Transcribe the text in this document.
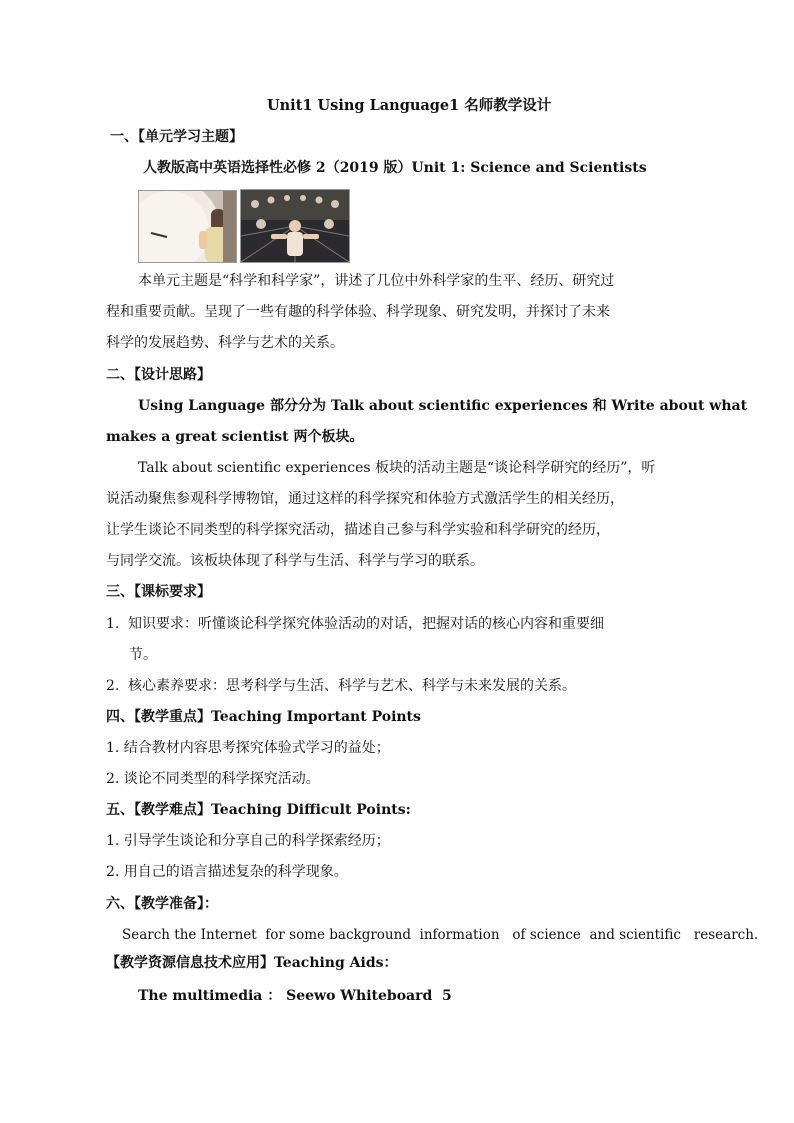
Unit1 Using Language1 名师教学设计
一、【单元学习主题】
人教版高中英语选择性必修 2（2019 版）Unit 1: Science and Scientists
本单元主题是“科学和科学家”，讲述了几位中外科学家的生平、经历、研究过
程和重要贡献。呈现了一些有趣的科学体验、科学现象、研究发明，并探讨了未来
科学的发展趋势、科学与艺术的关系。
二、【设计思路】
Using Language 部分分为 Talk about scientific experiences 和 Write about what
makes a great scientist 两个板块。
Talk about scientific experiences 板块的活动主题是“谈论科学研究的经历”，听
说活动聚焦参观科学博物馆，通过这样的科学探究和体验方式激活学生的相关经历，
让学生谈论不同类型的科学探究活动，描述自己参与科学实验和科学研究的经历，
与同学交流。该板块体现了科学与生活、科学与学习的联系。
三、【课标要求】
1. 知识要求：听懂谈论科学探究体验活动的对话，把握对话的核心内容和重要细
节。
2. 核心素养要求：思考科学与生活、科学与艺术、科学与未来发展的关系。
四、【教学重点】Teaching Important Points
1. 结合教材内容思考探究体验式学习的益处；
2. 谈论不同类型的科学探究活动。
五、【教学难点】Teaching Difficult Points:
1. 引导学生谈论和分享自己的科学探索经历；
2. 用自己的语言描述复杂的科学现象。
六、【教学准备】：
Search the Internet  for some background  information   of science  and scientific   research.
【教学资源信息技术应用】Teaching Aids：
The multimedia ： Seewo Whiteboard  5
